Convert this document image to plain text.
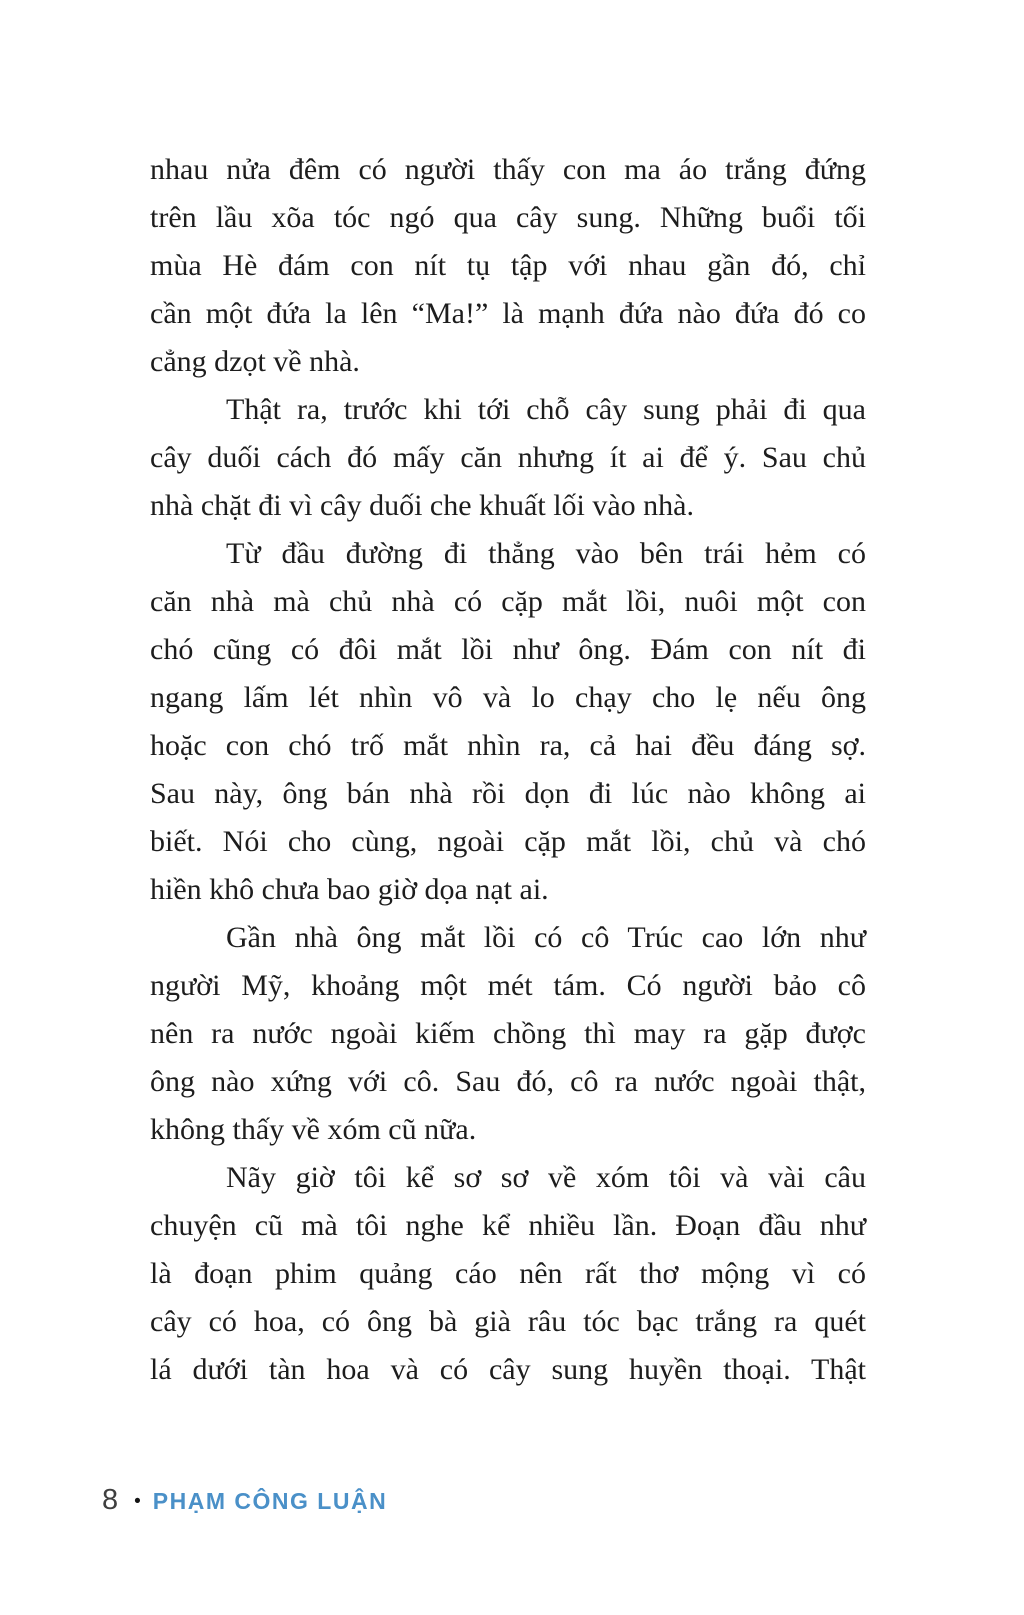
nhau nửa đêm có người thấy con ma áo trắng đứng
trên lầu xõa tóc ngó qua cây sung. Những buổi tối
mùa Hè đám con nít tụ tập với nhau gần đó, chỉ
cần một đứa la lên “Ma!” là mạnh đứa nào đứa đó co
cẳng dzọt về nhà.
Thật ra, trước khi tới chỗ cây sung phải đi qua
cây duối cách đó mấy căn nhưng ít ai để ý. Sau chủ
nhà chặt đi vì cây duối che khuất lối vào nhà.
Từ đầu đường đi thẳng vào bên trái hẻm có
căn nhà mà chủ nhà có cặp mắt lồi, nuôi một con
chó cũng có đôi mắt lồi như ông. Đám con nít đi
ngang lấm lét nhìn vô và lo chạy cho lẹ nếu ông
hoặc con chó trố mắt nhìn ra, cả hai đều đáng sợ.
Sau này, ông bán nhà rồi dọn đi lúc nào không ai
biết. Nói cho cùng, ngoài cặp mắt lồi, chủ và chó
hiền khô chưa bao giờ dọa nạt ai.
Gần nhà ông mắt lồi có cô Trúc cao lớn như
người Mỹ, khoảng một mét tám. Có người bảo cô
nên ra nước ngoài kiếm chồng thì may ra gặp được
ông nào xứng với cô. Sau đó, cô ra nước ngoài thật,
không thấy về xóm cũ nữa.
Nãy giờ tôi kể sơ sơ về xóm tôi và vài câu
chuyện cũ mà tôi nghe kể nhiều lần. Đoạn đầu như
là đoạn phim quảng cáo nên rất thơ mộng vì có
cây có hoa, có ông bà già râu tóc bạc trắng ra quét
lá dưới tàn hoa và có cây sung huyền thoại. Thật
8 • PHẠM CÔNG LUẬN
